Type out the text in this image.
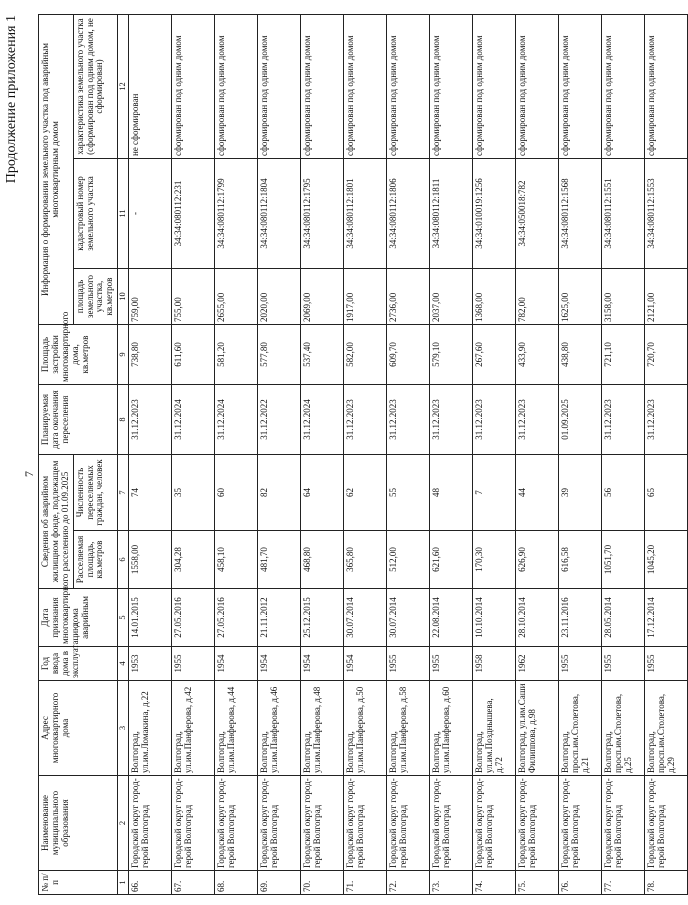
7
Продолжение приложения 1
№ п/п	Наименование муниципального образования	Адрес многоквартирного дома	Год ввода дома в эксплуатацию	Дата признания многоквартирного дома аварийным	Сведения об аварийном жилищном фонде, подлежащем расселению до 01.09.2025		Планируемая дата окончания переселения	Площадь застройки многоквартирного дома, кв.метров	Информация о формировании земельного участка под аварийным многоквартирным домом		
					Расселяемая площадь, кв.метров	Численность переселяемых граждан, человек			площадь земельного участка, кв.метров	кадастровый номер земельного участка	характеристика земельного участка (сформирован под одним домом, не сформирован)
1	2	3	4	5	6	7	8	9	10	11	12
66.	Городской округ город-герой Волгоград	Волгоград, ул.им.Ломакина, д.22	1953	14.01.2015	1558,00	74	31.12.2023	738,80	759,00	-	не сформирован
67.	Городской округ город-герой Волгоград	Волгоград, ул.им.Панферова, д.42	1955	27.05.2016	304,28	35	31.12.2024	611,60	755,00	34:34:080112:231	сформирован под одним домом
68.	Городской округ город-герой Волгоград	Волгоград, ул.им.Панферова, д.44	1954	27.05.2016	458,10	60	31.12.2024	581,20	2655,00	34:34:080112:1799	сформирован под одним домом
69.	Городской округ город-герой Волгоград	Волгоград, ул.им.Панферова, д.46	1954	21.11.2012	481,70	82	31.12.2022	577,80	2020,00	34:34:080112:1804	сформирован под одним домом
70.	Городской округ город-герой Волгоград	Волгоград, ул.им.Панферова, д.48	1954	25.12.2015	468,80	64	31.12.2024	537,40	2069,00	34:34:080112:1795	сформирован под одним домом
71.	Городской округ город-герой Волгоград	Волгоград, ул.им.Панферова, д.50	1954	30.07.2014	365,80	62	31.12.2023	582,00	1917,00	34:34:080112:1801	сформирован под одним домом
72.	Городской округ город-герой Волгоград	Волгоград, ул.им.Панферова, д.58	1955	30.07.2014	512,00	55	31.12.2023	609,70	2736,00	34:34:080112:1806	сформирован под одним домом
73.	Городской округ город-герой Волгоград	Волгоград, ул.им.Панферова, д.60	1955	22.08.2014	621,60	48	31.12.2023	579,10	2037,00	34:34:080112:1811	сформирован под одним домом
74.	Городской округ город-герой Волгоград	Волгоград, ул.им.Позднышева, д.72	1958	10.10.2014	170,30	7	31.12.2023	267,60	1368,00	34:34:010019:1256	сформирован под одним домом
75.	Городской округ город-герой Волгоград	Волгоград, ул.им.Саши Филиппова, д.98	1962	28.10.2014	626,90	44	31.12.2023	433,90	782,00	34:34:050018:782	сформирован под одним домом
76.	Городской округ город-герой Волгоград	Волгоград, просп.им.Столетова, д.21	1955	23.11.2016	616,58	39	01.09.2025	438,80	1625,00	34:34:080112:1568	сформирован под одним домом
77.	Городской округ город-герой Волгоград	Волгоград, просп.им.Столетова, д.25	1955	28.05.2014	1051,70	56	31.12.2023	721,10	3158,00	34:34:080112:1551	сформирован под одним домом
78.	Городской округ город-герой Волгоград	Волгоград, просп.им.Столетова, д.29	1955	17.12.2014	1045,20	65	31.12.2023	720,70	2121,00	34:34:080112:1553	сформирован под одним домом
